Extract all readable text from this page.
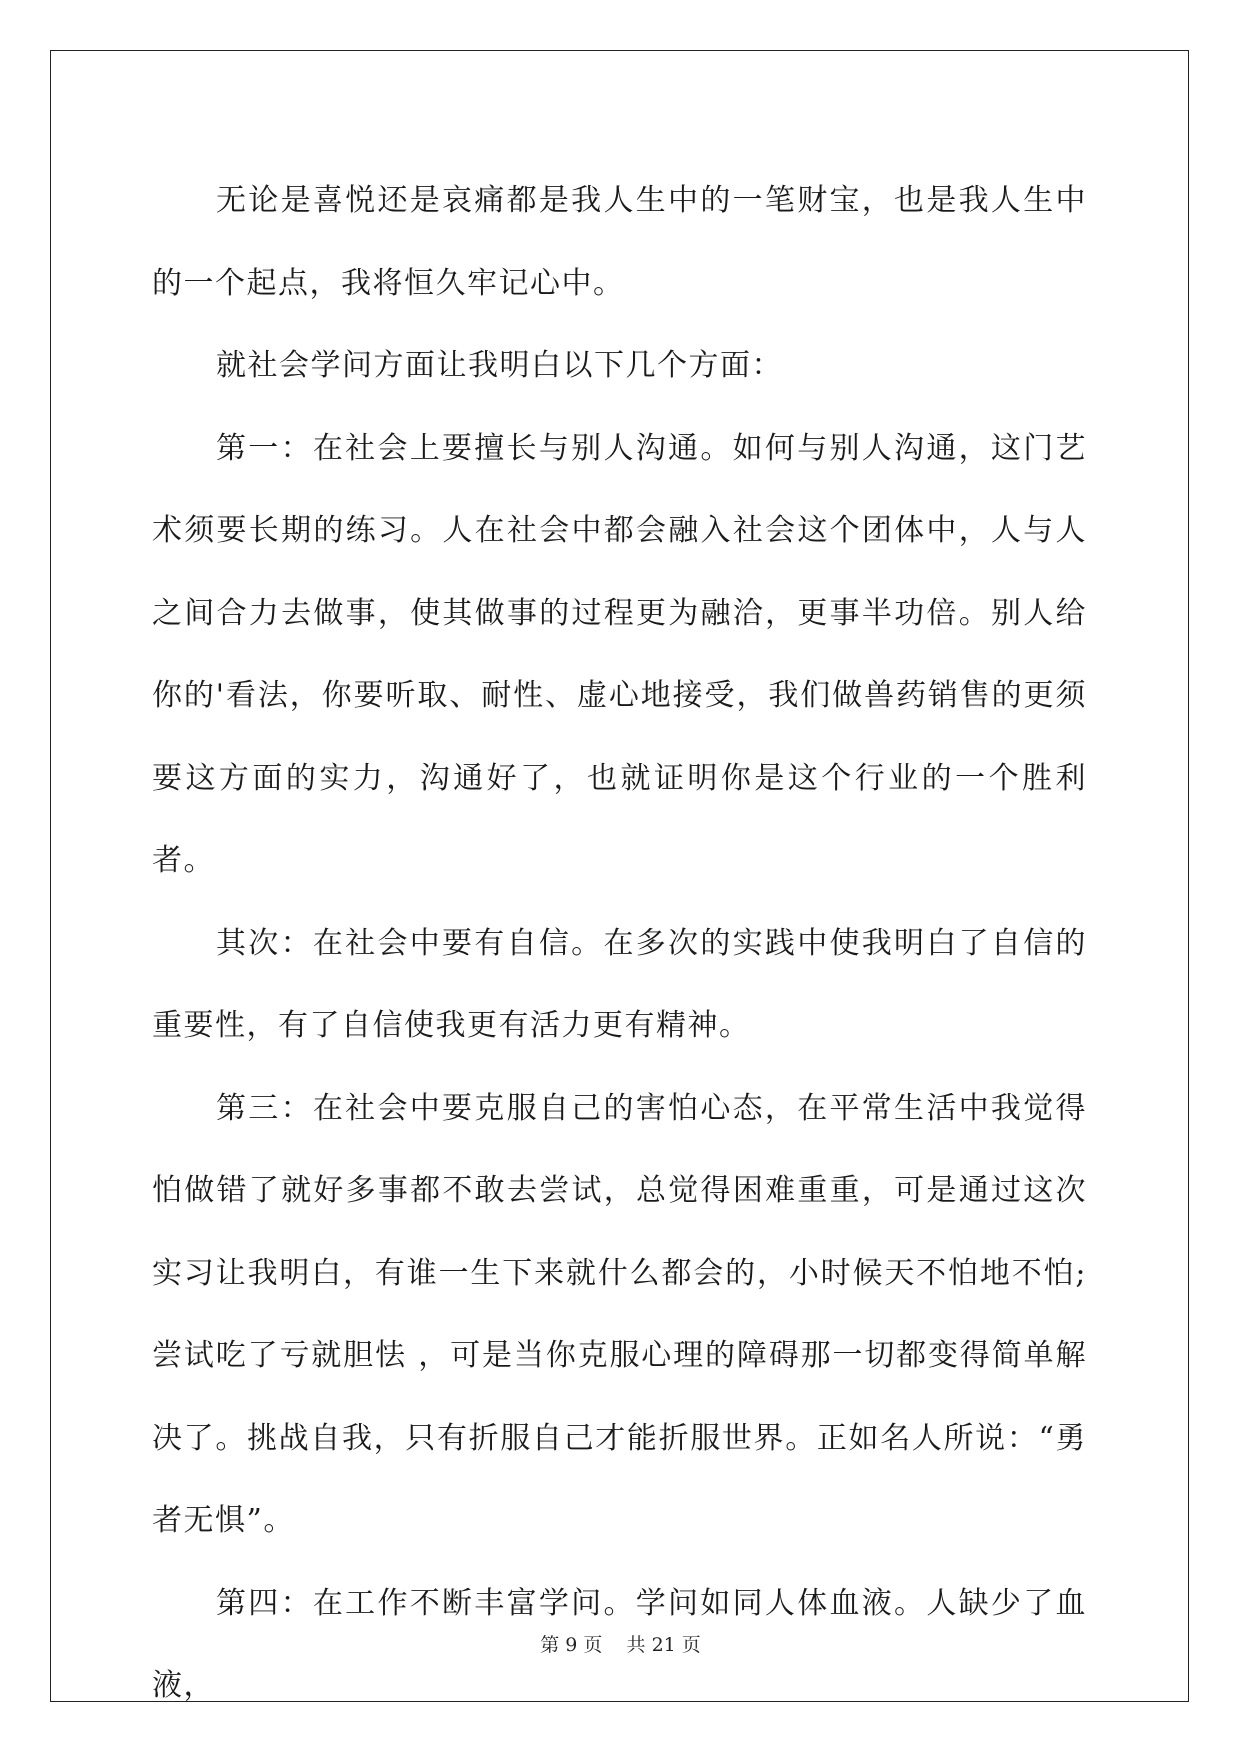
无论是喜悦还是哀痛都是我人生中的一笔财宝，也是我人生中的一个起点，我将恒久牢记心中。

就社会学问方面让我明白以下几个方面：

第一：在社会上要擅长与别人沟通。如何与别人沟通，这门艺术须要长期的练习。人在社会中都会融入社会这个团体中，人与人之间合力去做事，使其做事的过程更为融洽，更事半功倍。别人给你的'看法，你要听取、耐性、虚心地接受，我们做兽药销售的更须要这方面的实力，沟通好了，也就证明你是这个行业的一个胜利者。

其次：在社会中要有自信。在多次的实践中使我明白了自信的重要性，有了自信使我更有活力更有精神。

第三：在社会中要克服自己的害怕心态，在平常生活中我觉得怕做错了就好多事都不敢去尝试，总觉得困难重重，可是通过这次实习让我明白，有谁一生下来就什么都会的，小时候天不怕地不怕;尝试吃了亏就胆怯 ，可是当你克服心理的障碍那一切都变得简单解决了。挑战自我，只有折服自己才能折服世界。正如名人所说：“勇者无惧”。

第四：在工作不断丰富学问。学问如同人体血液。人缺少了血液，

第 9 页    共 21 页
